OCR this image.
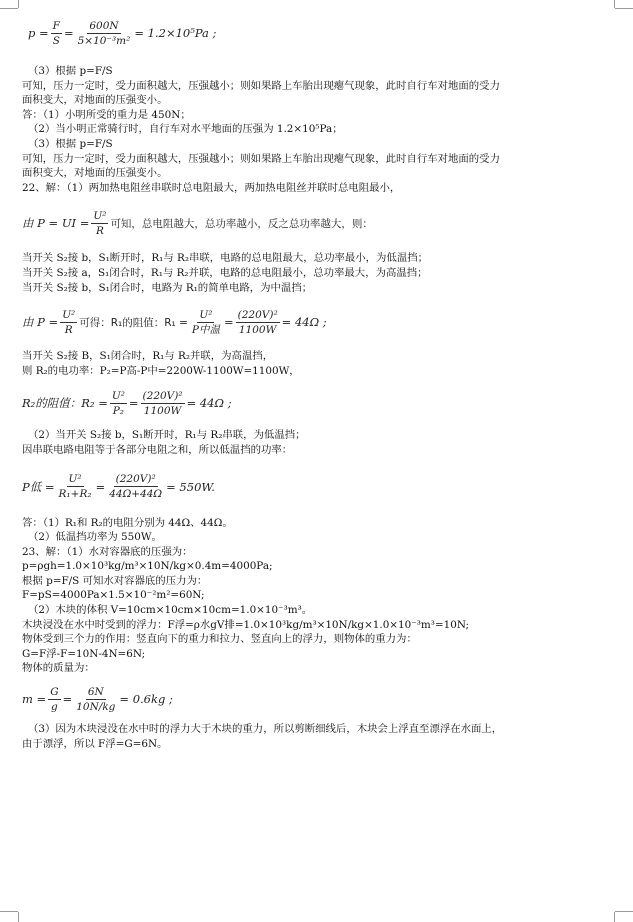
$p = \frac{F}{S} = \frac{600N}{\text{5×10⁻³m²}} = 1.2\times 10^5Pa$ ;
（3）根据 p=F/S
可知，压力一定时，受力面积越大，压强越小；则如果路上车胎出现瘪气现象，此时自行车对地面的受力
面积变大，对地面的压强变小。
答：（1）小明所受的重力是 450N；
（2）当小明正常骑行时，自行车对水平地面的压强为 1.2×10⁵Pa；
（3）根据 p=F/S
可知，压力一定时，受力面积越大，压强越小；则如果路上车胎出现瘪气现象，此时自行车对地面的受力
面积变大，对地面的压强变小。
22、解：（1）两加热电阻丝串联时总电阻最大，两加热电阻丝并联时总电阻最小，
由 P = UI = $\frac{\text{U²}}{R}$ 可知，总电阻越大，总功率越小，反之总功率越大，则：
当开关 S₂接 b，S₁断开时，R₁与 R₂串联，电路的总电阻最大，总功率最小，为低温挡；
当开关 S₂接 a，S₁闭合时，R₁与 R₂并联，电路的总电阻最小，总功率最大，为高温挡；
当开关 S₂接 b，S₁闭合时，电路为 R₁的简单电路，为中温挡；
由 $P = \frac{\text{U²}}{R}$ 可得：R₁的阻值：$R_1 = \frac{\text{U²}}{\text{P中温}} = \frac{\text{(220V)²}}{1100W} = 44\Omega$ ;
当开关 S₂接 B，S₁闭合时，R₁与 R₂并联，为高温挡，
则 R₂的电功率：P₂=P高-P中=2200W-1100W=1100W，
R₂的阻值：$R_2 = \frac{\text{U²}}{\text{P₂}} = \frac{\text{(220V)²}}{1100W} = 44\Omega$ ;
（2）当开关 S₂接 b，S₁断开时，R₁与 R₂串联，为低温挡；
因串联电路电阻等于各部分电阻之和，所以低温挡的功率：
P低 = $\frac{\text{U²}}{\text{R₁+R₂}} = \frac{\text{(220V)²}}{44\Omega+44\Omega} = 550W$.
答：（1）R₁和 R₂的电阻分别为 44Ω、44Ω。
（2）低温挡功率为 550W。
23、解：（1）水对容器底的压强为：
p=ρgh=1.0×10³kg/m³×10N/kg×0.4m=4000Pa;
根据 p=F/S 可知水对容器底的压力为：
F=pS=4000Pa×1.5×10⁻²m²=60N;
（2）木块的体积 V=10cm×10cm×10cm=1.0×10⁻³m³。
木块浸没在水中时受到的浮力：F浮=ρ水gV排=1.0×10³kg/m³×10N/kg×1.0×10⁻³m³=10N;
物体受到三个力的作用：竖直向下的重力和拉力、竖直向上的浮力，则物体的重力为：
G=F浮-F=10N-4N=6N;
物体的质量为：
$m = \frac{G}{g} = \frac{6N}{10N/kg} = 0.6kg$ ;
（3）因为木块浸没在水中时的浮力大于木块的重力，所以剪断细线后，木块会上浮直至漂浮在水面上，
由于漂浮，所以 F浮=G=6N。
